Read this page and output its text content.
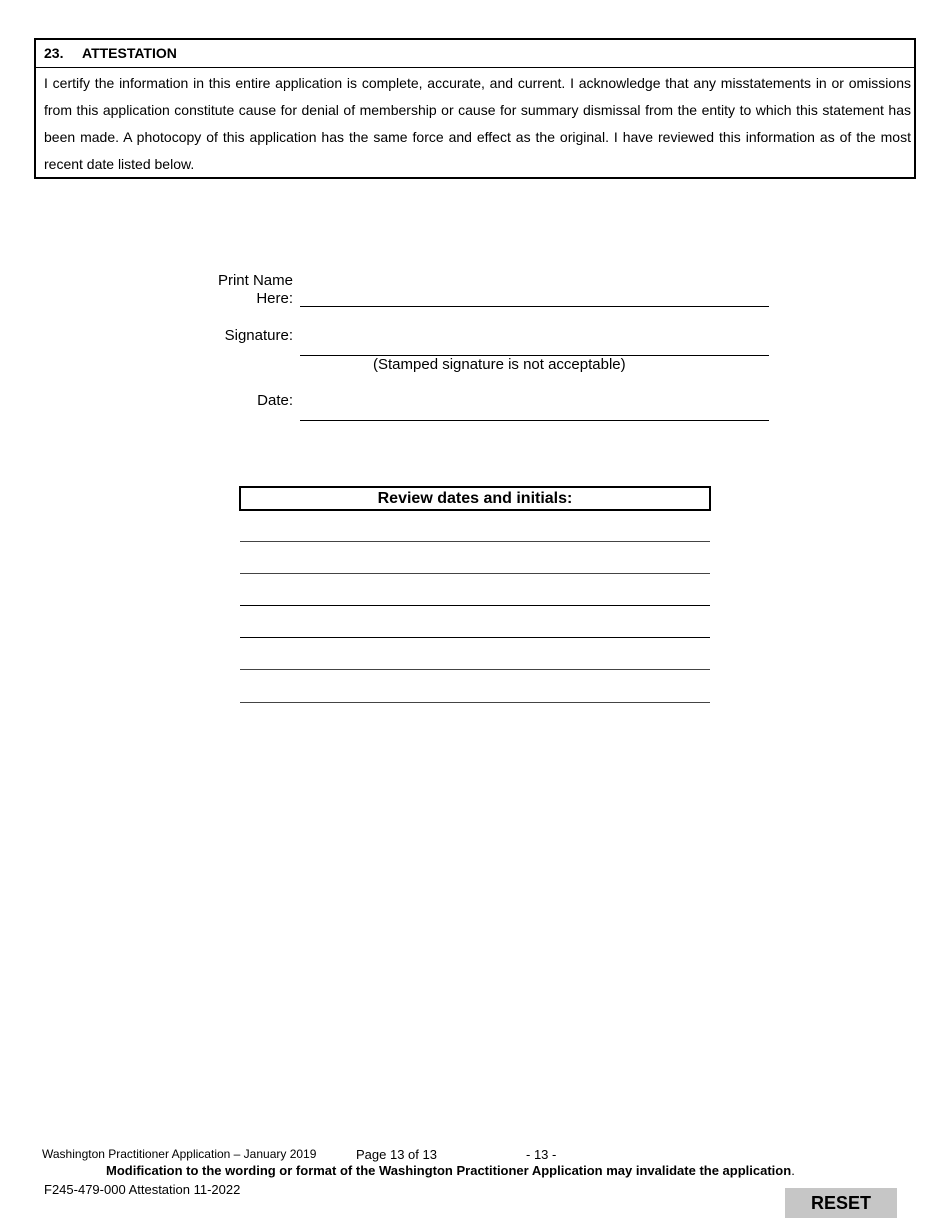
23. ATTESTATION
I certify the information in this entire application is complete, accurate, and current. I acknowledge that any misstatements in or omissions from this application constitute cause for denial of membership or cause for summary dismissal from the entity to which this statement has been made. A photocopy of this application has the same force and effect as the original. I have reviewed this information as of the most recent date listed below.
Print Name
Here:
Signature:
(Stamped signature is not acceptable)
Date:
Review dates and initials:
Washington Practitioner Application – January 2019	Page 13 of 13	- 13 -
Modification to the wording or format of the Washington Practitioner Application may invalidate the application.
F245-479-000 Attestation 11-2022
RESET
